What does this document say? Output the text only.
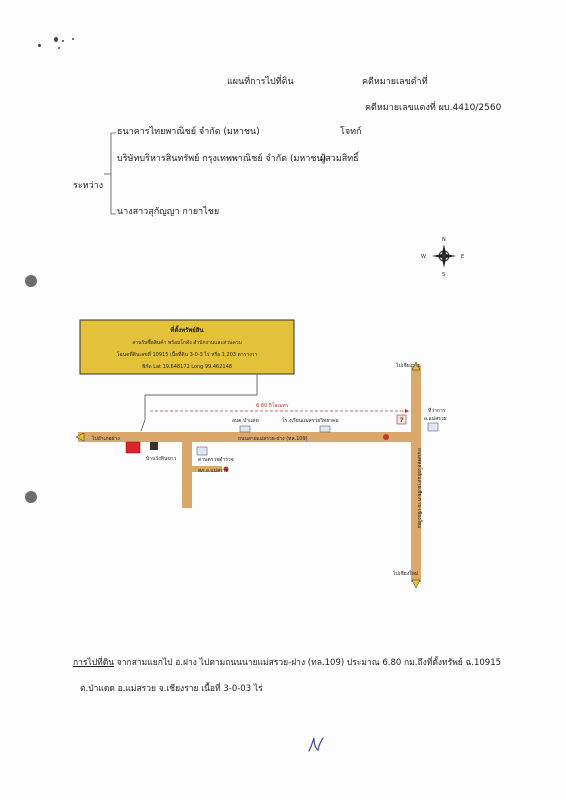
แผนที่การไปที่ดิน	คดีหมายเลขดำที่
คดีหมายเลขแดงที่ ผบ.4410/2560
ธนาคารไทยพาณิชย์ จำกัด (มหาชน)	โจทก์
บริษัทบริหารสินทรัพย์ กรุงเทพพาณิชย์ จำกัด (มหาชน)
ผู้สวมสิทธิ์
ระหว่าง
นางสาวสุกัญญา กายาไชย
N
S
E
W
ที่ตั้งทรัพย์สิน
ลานรับซื้อสินค้า พร้อมโกดัง สำนักงานและส่วนควบ
โฉนดที่ดินเลขที่ 10915 เนื้อที่ดิน 3-0-3 ไร่ หรือ 1,203 ตารางวา
พิกัด Lat 19.648172 Long 99.462148
6.80 กิโลเมตร
7
ไปเชียงราย
ไปเชียงใหม่
ไปอำเภอฝาง
ที่ว่าการ
อ.แม่สรวย
อบต.ป่าแดด	โร.งเรียนแม่สรวยวิทยาคม
ถนนสายแม่สรวย-ฝาง (ทล.109)
ถนนพหลโยธินสายเชียงราย-เชียงใหม่
บ้านวังหินขาว	ด่านตรวจตำรวจ
สภ.อ.แม่สรวย
การไปที่ดิน จากสามแยกไป อ.ฝาง ไปตามถนนนายแม่สรวย-ฝาง (ทล.109) ประมาณ 6.80 กม.ถึงที่ตั้งทรัพย์ ฉ.10915
ต.ป่าแดด อ.แม่สรวย จ.เชียงราย เนื้อที่ 3-0-03 ไร่
